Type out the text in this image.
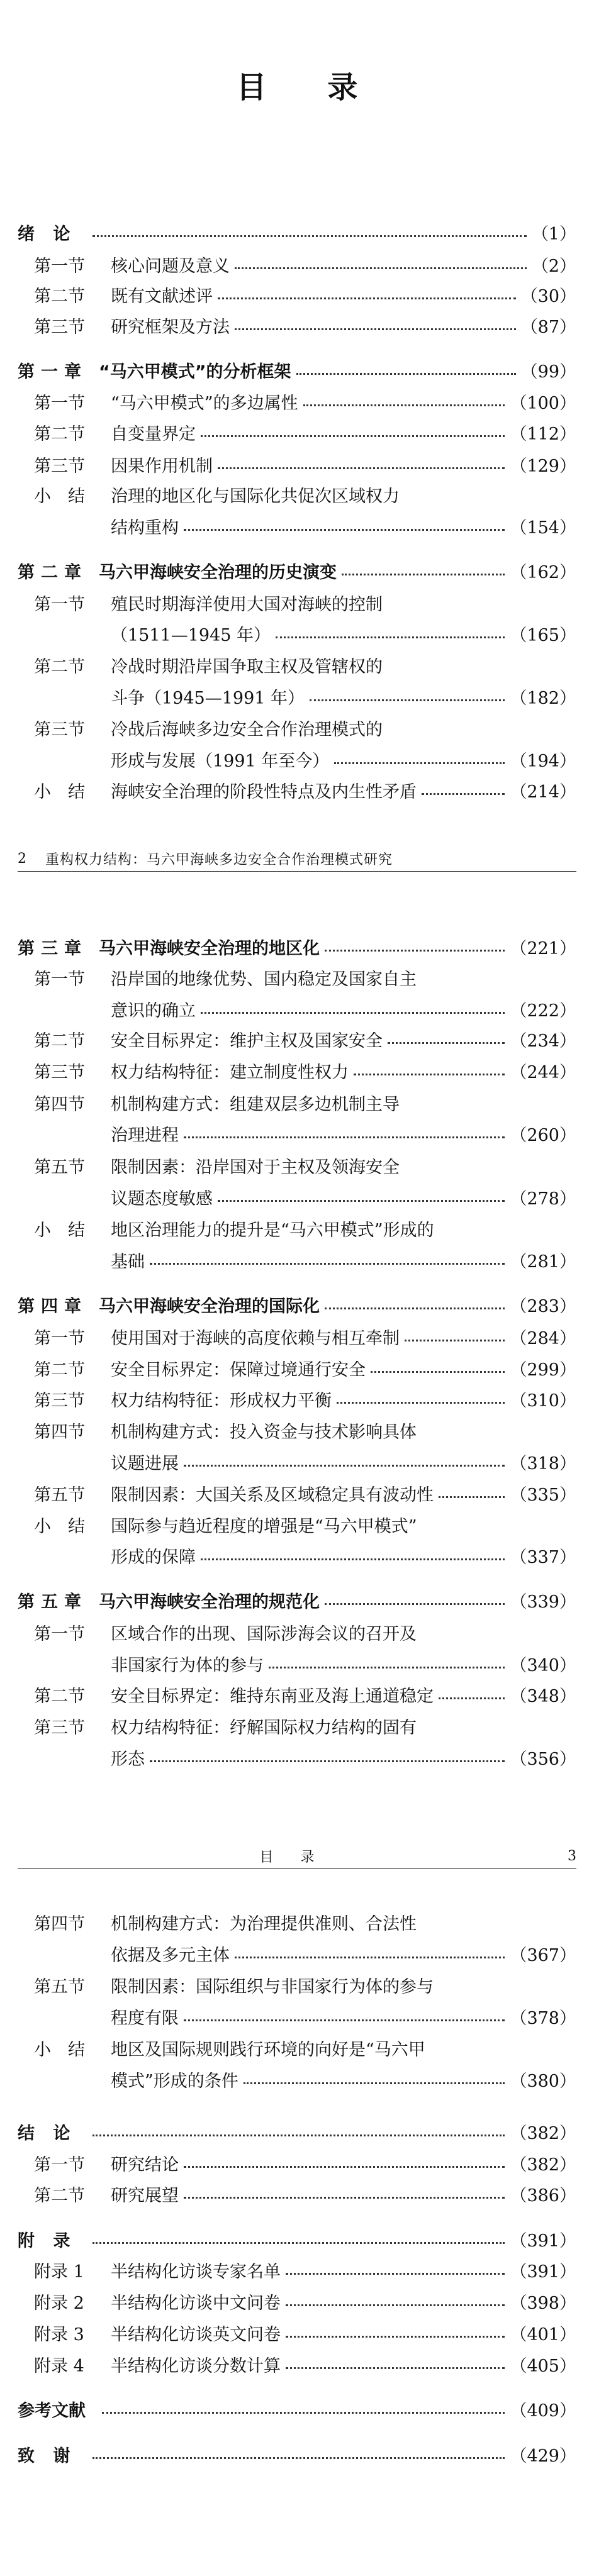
目 录
绪 论	（1）
第一节	核心问题及意义	（2）
第二节	既有文献述评	（30）
第三节	研究框架及方法	（87）
第一章 “马六甲模式”的分析框架	（99）
第一节	“马六甲模式”的多边属性	（100）
第二节	自变量界定	（112）
第三节	因果作用机制	（129）
小　结	治理的地区化与国际化共促次区域权力
结构重构	（154）
第二章 马六甲海峡安全治理的历史演变	（162）
第一节	殖民时期海洋使用大国对海峡的控制
（1511—1945 年）	（165）
第二节	冷战时期沿岸国争取主权及管辖权的
斗争（1945—1991 年）	（182）
第三节	冷战后海峡多边安全合作治理模式的
形成与发展（1991 年至今）	（194）
小　结	海峡安全治理的阶段性特点及内生性矛盾	（214）
第三章 马六甲海峡安全治理的地区化	（221）
第一节	沿岸国的地缘优势、国内稳定及国家自主
意识的确立	（222）
第二节	安全目标界定：维护主权及国家安全	（234）
第三节	权力结构特征：建立制度性权力	（244）
第四节	机制构建方式：组建双层多边机制主导
治理进程	（260）
第五节	限制因素：沿岸国对于主权及领海安全
议题态度敏感	（278）
小　结	地区治理能力的提升是“马六甲模式”形成的
基础	（281）
第四章 马六甲海峡安全治理的国际化	（283）
第一节	使用国对于海峡的高度依赖与相互牵制	（284）
第二节	安全目标界定：保障过境通行安全	（299）
第三节	权力结构特征：形成权力平衡	（310）
第四节	机制构建方式：投入资金与技术影响具体
议题进展	（318）
第五节	限制因素：大国关系及区域稳定具有波动性	（335）
小　结	国际参与趋近程度的增强是“马六甲模式”
形成的保障	（337）
第五章 马六甲海峡安全治理的规范化	（339）
第一节	区域合作的出现、国际涉海会议的召开及
非国家行为体的参与	（340）
第二节	安全目标界定：维持东南亚及海上通道稳定	（348）
第三节	权力结构特征：纾解国际权力结构的固有
形态	（356）
第四节	机制构建方式：为治理提供准则、合法性
依据及多元主体	（367）
第五节	限制因素：国际组织与非国家行为体的参与
程度有限	（378）
小　结	地区及国际规则践行环境的向好是“马六甲
模式”形成的条件	（380）
结 论	（382）
第一节	研究结论	（382）
第二节	研究展望	（386）
附 录	（391）
附录 1	半结构化访谈专家名单	（391）
附录 2	半结构化访谈中文问卷	（398）
附录 3	半结构化访谈英文问卷	（401）
附录 4	半结构化访谈分数计算	（405）
参考文献	（409）
致 谢	（429）
2 重构权力结构：马六甲海峡多边安全合作治理模式研究
目 录	3
